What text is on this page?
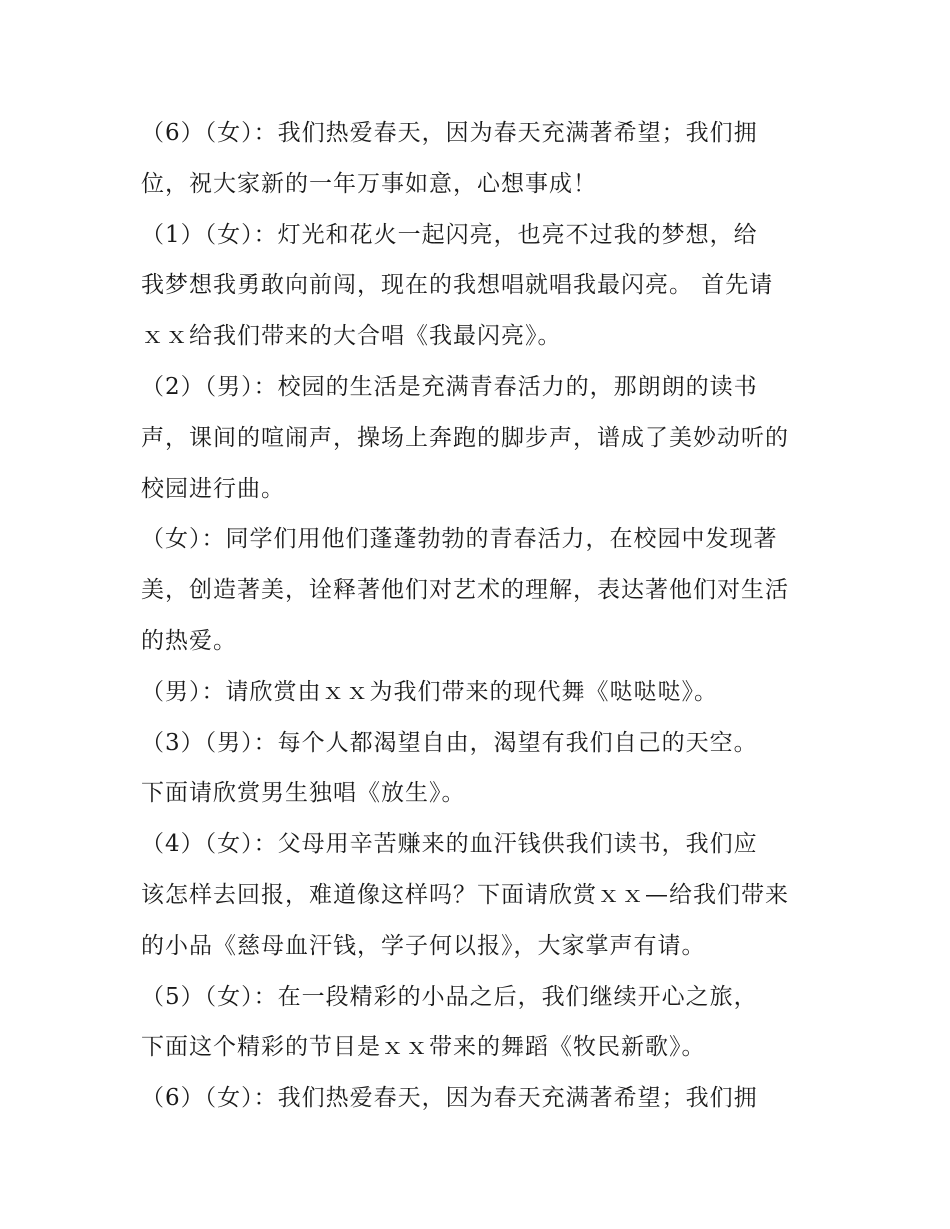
（6）（女）：我们热爱春天，因为春天充满著希望；我们拥
位，祝大家新的一年万事如意，心想事成！
（1）（女）：灯光和花火一起闪亮，也亮不过我的梦想，给
我梦想我勇敢向前闯，现在的我想唱就唱我最闪亮。 首先请
ｘｘ给我们带来的大合唱《我最闪亮》。
（2）（男）：校园的生活是充满青春活力的，那朗朗的读书
声，课间的喧闹声，操场上奔跑的脚步声，谱成了美妙动听的
校园进行曲。
（女）：同学们用他们蓬蓬勃勃的青春活力，在校园中发现著
美，创造著美，诠释著他们对艺术的理解，表达著他们对生活
的热爱。
（男）：请欣赏由ｘｘ为我们带来的现代舞《哒哒哒》。
（3）（男）：每个人都渴望自由，渴望有我们自己的天空。
下面请欣赏男生独唱《放生》。
（4）（女）：父母用辛苦赚来的血汗钱供我们读书，我们应
该怎样去回报，难道像这样吗？下面请欣赏ｘｘ—给我们带来
的小品《慈母血汗钱，学子何以报》，大家掌声有请。
（5）（女）：在一段精彩的小品之后，我们继续开心之旅，
下面这个精彩的节目是ｘｘ带来的舞蹈《牧民新歌》。
（6）（女）：我们热爱春天，因为春天充满著希望；我们拥
